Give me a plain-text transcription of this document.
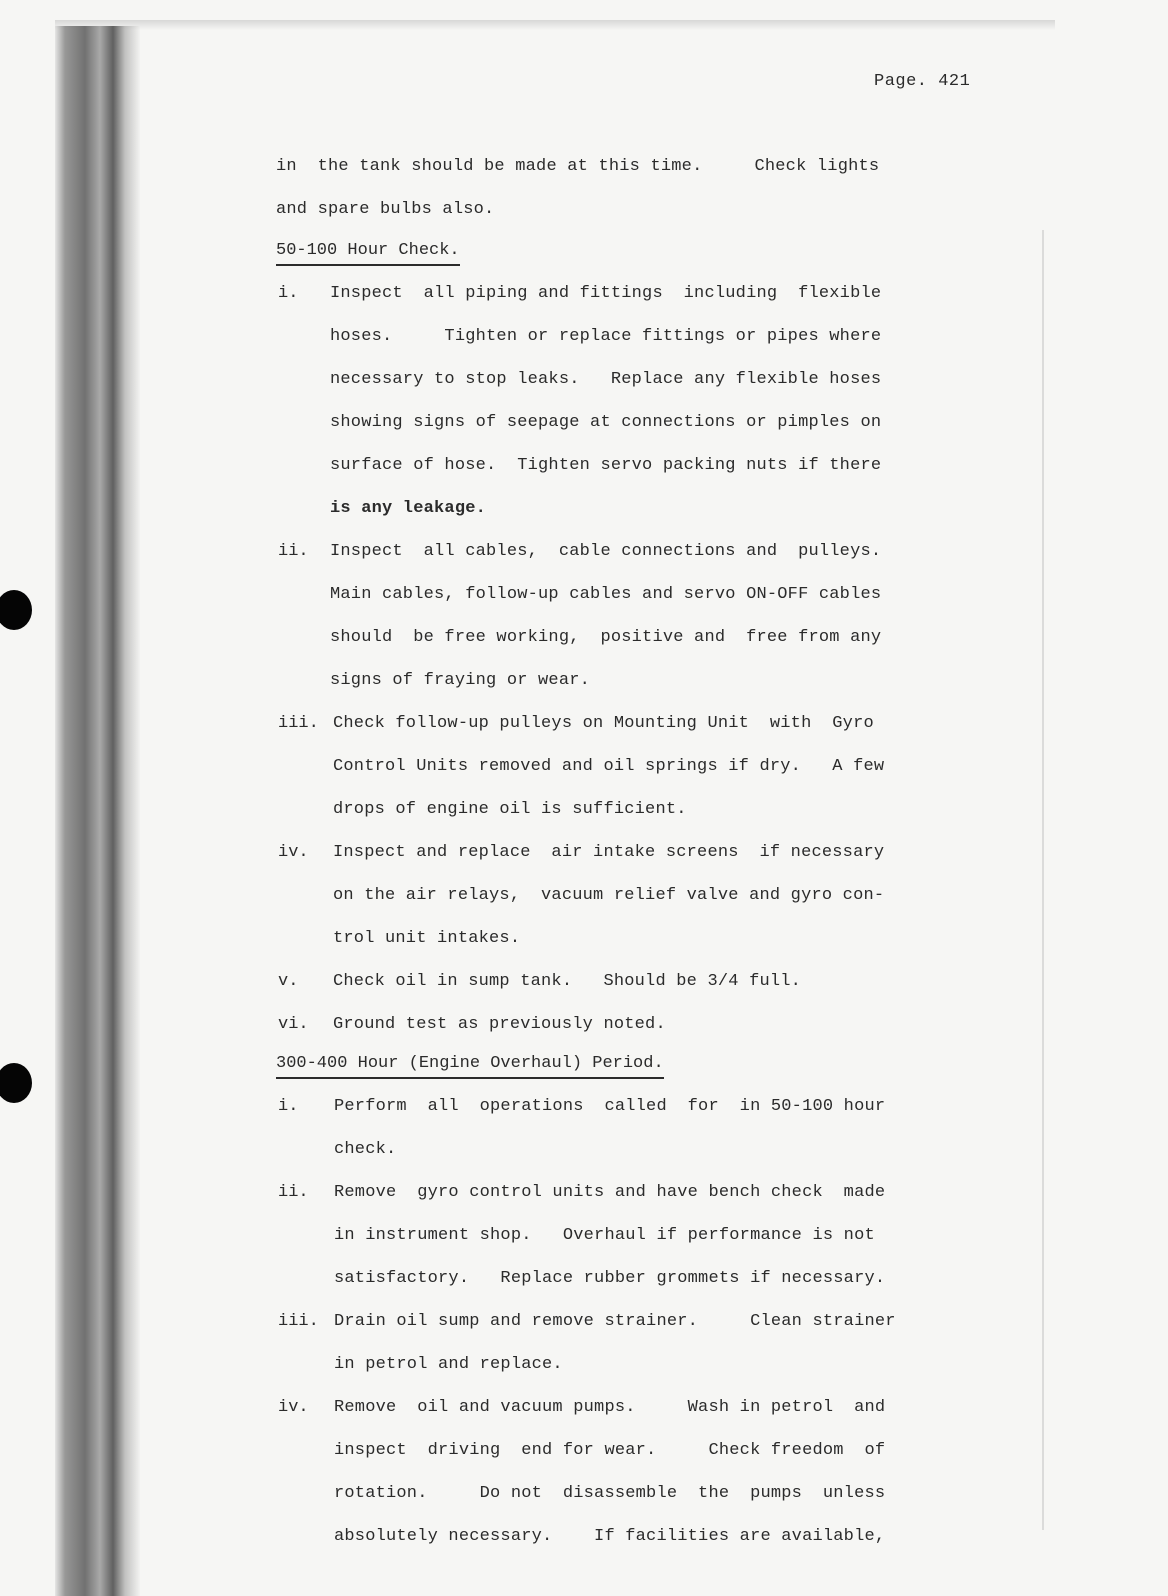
Page. 421
in  the tank should be made at this time.     Check lights
and spare bulbs also.
50-100 Hour Check.
i. Inspect  all piping and fittings  including  flexible
hoses.     Tighten or replace fittings or pipes where
necessary to stop leaks.   Replace any flexible hoses
showing signs of seepage at connections or pimples on
surface of hose.  Tighten servo packing nuts if there
is any leakage.
ii. Inspect  all cables,  cable connections and  pulleys.
Main cables, follow-up cables and servo ON-OFF cables
should  be free working,  positive and  free from any
signs of fraying or wear.
iii. Check follow-up pulleys on Mounting Unit  with  Gyro
Control Units removed and oil springs if dry.   A few
drops of engine oil is sufficient.
iv. Inspect and replace  air intake screens  if necessary
on the air relays,  vacuum relief valve and gyro con-
trol unit intakes.
v. Check oil in sump tank.   Should be 3/4 full.
vi. Ground test as previously noted.
300-400 Hour (Engine Overhaul) Period.
i. Perform  all  operations  called  for  in 50-100 hour
check.
ii. Remove  gyro control units and have bench check  made
in instrument shop.   Overhaul if performance is not
satisfactory.   Replace rubber grommets if necessary.
iii. Drain oil sump and remove strainer.     Clean strainer
in petrol and replace.
iv. Remove  oil and vacuum pumps.     Wash in petrol  and
inspect  driving  end for wear.     Check freedom  of
rotation.     Do not  disassemble  the  pumps  unless
absolutely necessary.    If facilities are available,
